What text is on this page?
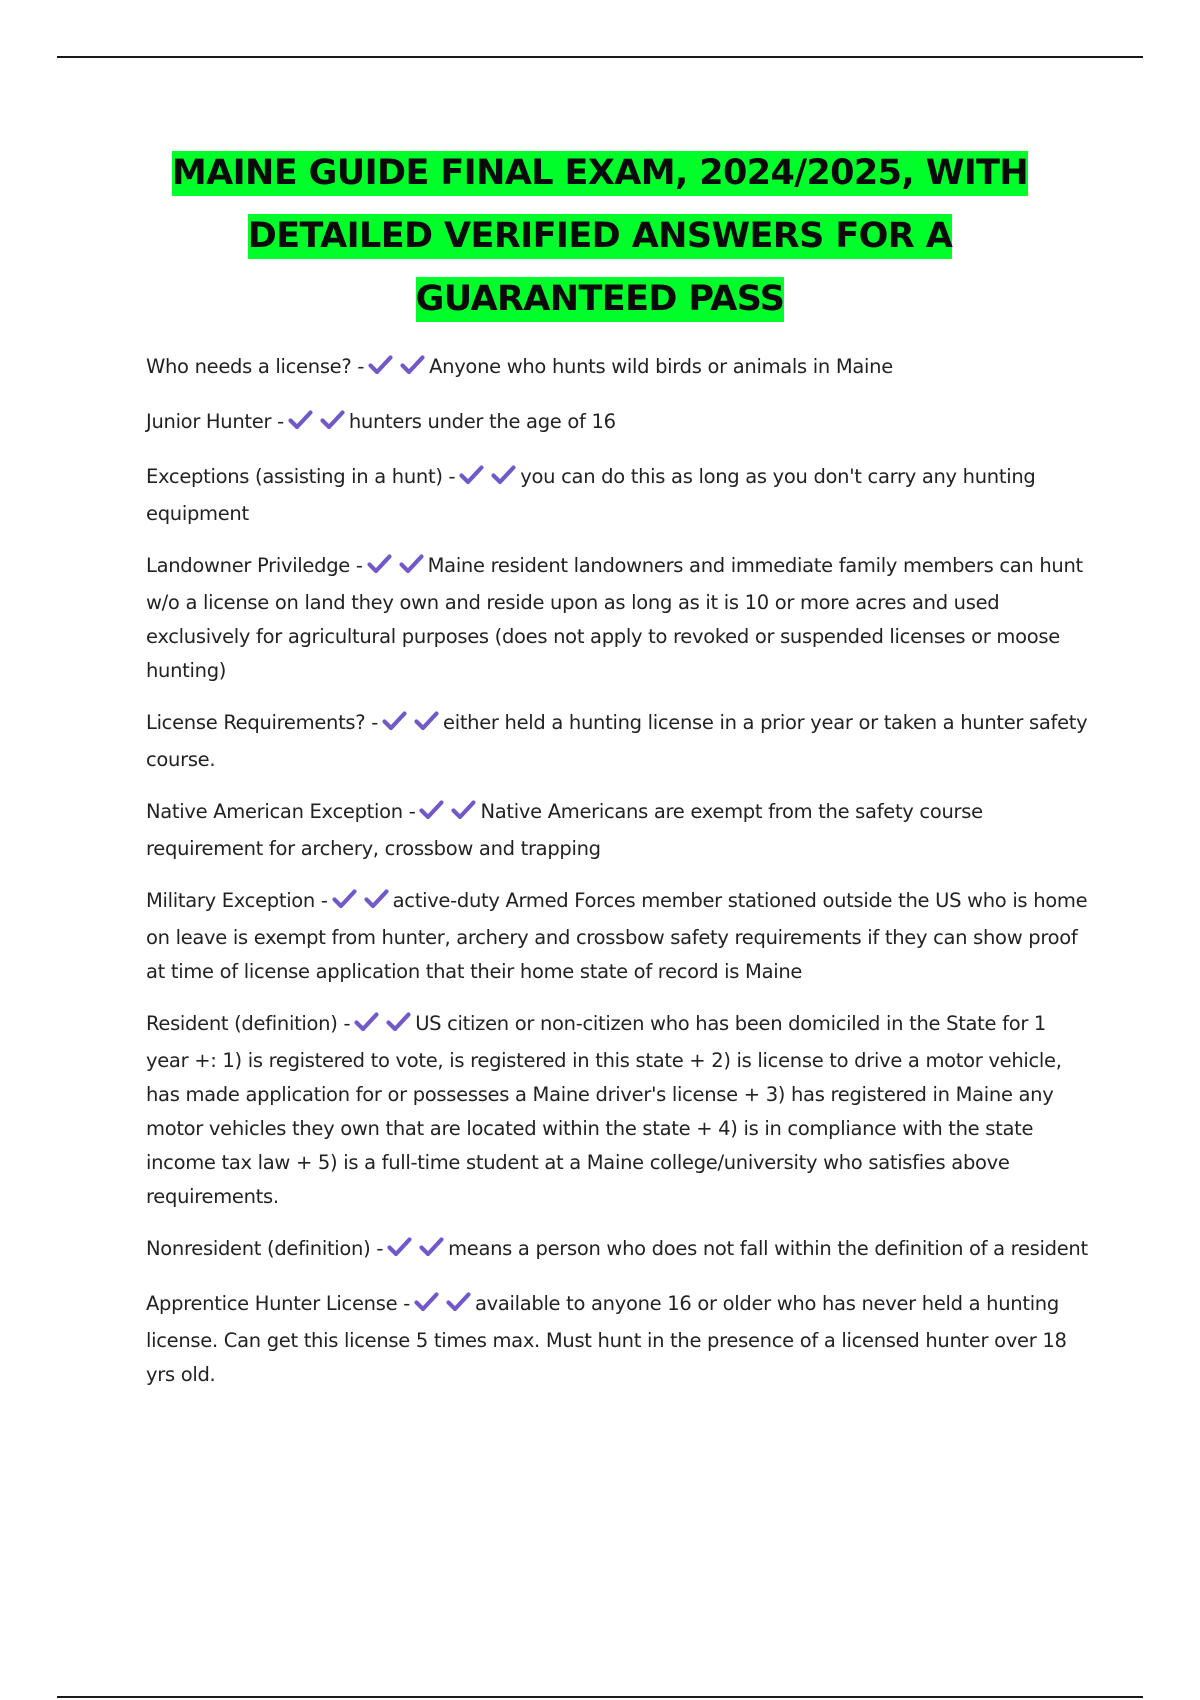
MAINE GUIDE FINAL EXAM, 2024/2025, WITH DETAILED VERIFIED ANSWERS FOR A GUARANTEED PASS
Who needs a license? -	Anyone who hunts wild birds or animals in Maine
Junior Hunter -	hunters under the age of 16
Exceptions (assisting in a hunt) -	you can do this as long as you don't carry any hunting equipment
Landowner Priviledge -	Maine resident landowners and immediate family members can hunt w/o a license on land they own and reside upon as long as it is 10 or more acres and used exclusively for agricultural purposes (does not apply to revoked or suspended licenses or moose hunting)
License Requirements? -	either held a hunting license in a prior year or taken a hunter safety course.
Native American Exception -	Native Americans are exempt from the safety course requirement for archery, crossbow and trapping
Military Exception -	active-duty Armed Forces member stationed outside the US who is home on leave is exempt from hunter, archery and crossbow safety requirements if they can show proof at time of license application that their home state of record is Maine
Resident (definition) -	US citizen or non-citizen who has been domiciled in the State for 1 year +: 1) is registered to vote, is registered in this state + 2) is license to drive a motor vehicle, has made application for or possesses a Maine driver's license + 3) has registered in Maine any motor vehicles they own that are located within the state + 4) is in compliance with the state income tax law + 5) is a full-time student at a Maine college/university who satisfies above requirements.
Nonresident (definition) -	means a person who does not fall within the definition of a resident
Apprentice Hunter License -	available to anyone 16 or older who has never held a hunting license. Can get this license 5 times max. Must hunt in the presence of a licensed hunter over 18 yrs old.
